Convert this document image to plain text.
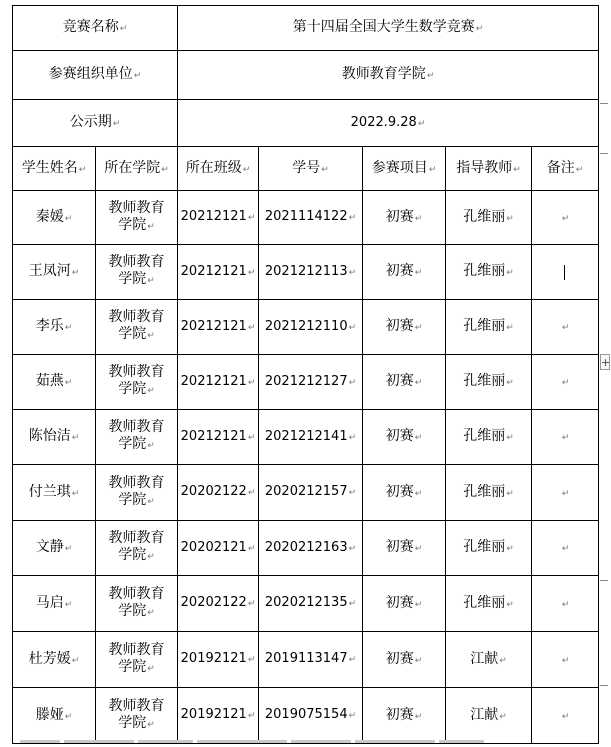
竞赛名称↵		第十四届全国大学生数学竞赛↵				
参赛组织单位↵		教师教育学院↵				
公示期↵		2022.9.28↵				
学生姓名↵	所在学院↵	所在班级↵	学号↵	参赛项目↵	指导教师↵	备注↵
秦媛↵	教师教育学院↵	20212121↵	2021114122↵	初赛↵	孔维丽↵	↵
王凤河↵	教师教育学院↵	20212121↵	2021212113↵	初赛↵	孔维丽↵	
李乐↵	教师教育学院↵	20212121↵	2021212110↵	初赛↵	孔维丽↵	↵
茹燕↵	教师教育学院↵	20212121↵	2021212127↵	初赛↵	孔维丽↵	↵
陈怡洁↵	教师教育学院↵	20212121↵	2021212141↵	初赛↵	孔维丽↵	↵
付兰琪↵	教师教育学院↵	20202122↵	2020212157↵	初赛↵	孔维丽↵	↵
文静↵	教师教育学院↵	20202121↵	2020212163↵	初赛↵	孔维丽↵	↵
马启↵	教师教育学院↵	20202122↵	2020212135↵	初赛↵	孔维丽↵	↵
杜芳媛↵	教师教育学院↵	20192121↵	2019113147↵	初赛↵	江献↵	↵
滕娅↵	教师教育学院↵	20192121↵	2019075154↵	初赛↵	江献↵	↵
+
